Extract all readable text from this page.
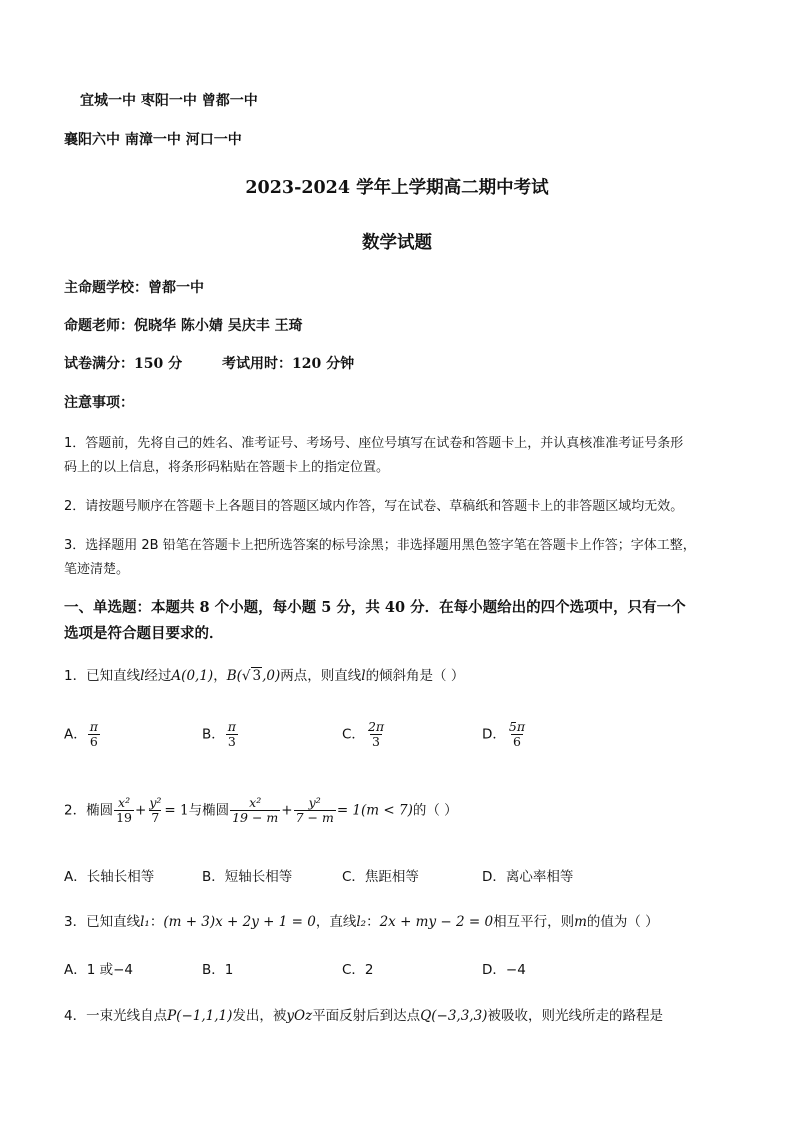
宜城一中 枣阳一中 曾都一中
襄阳六中 南漳一中 河口一中
2023-2024 学年上学期高二期中考试
数学试题
主命题学校：曾都一中
命题老师：倪晓华 陈小婧 吴庆丰 王琦
试卷满分：150 分	考试用时：120 分钟
注意事项：
1．答题前，先将自己的姓名、准考证号、考场号、座位号填写在试卷和答题卡上，并认真核准准考证号条形
码上的以上信息，将条形码粘贴在答题卡上的指定位置。
2．请按题号顺序在答题卡上各题目的答题区域内作答，写在试卷、草稿纸和答题卡上的非答题区域均无效。
3．选择题用 2B 铅笔在答题卡上把所选答案的标号涂黑；非选择题用黑色签字笔在答题卡上作答；字体工整，
笔迹清楚。
一、单选题：本题共 8 个小题，每小题 5 分，共 40 分．在每小题给出的四个选项中，只有一个
选项是符合题目要求的．
1．已知直线l经过A(0,1)，B(√ 3,0)两点，则直线l的倾斜角是（ ）
A． $\frac{\pi}{6}$	B． $\frac{\pi}{3}$	C． $\frac{2\pi}{3}$	D． $\frac{5\pi}{6}$
2．椭圆 $\frac{\text{x²}}{19} + \frac{\text{y²}}{7} = 1$与椭圆 $\frac{\text{x²}}{19 - m} + \frac{\text{y²}}{7 - m} = 1(m < 7)$的（ ）
A．长轴长相等	B．短轴长相等	C．焦距相等	D．离心率相等
3．已知直线l₁：(m + 3)x + 2y + 1 = 0，直线l₂：2x + my − 2 = 0相互平行，则m的值为（ ）
A．1 或−4	B．1	C．2	D．−4
4．一束光线自点P(−1,1,1)发出，被yOz平面反射后到达点Q(−3,3,3)被吸收，则光线所走的路程是
